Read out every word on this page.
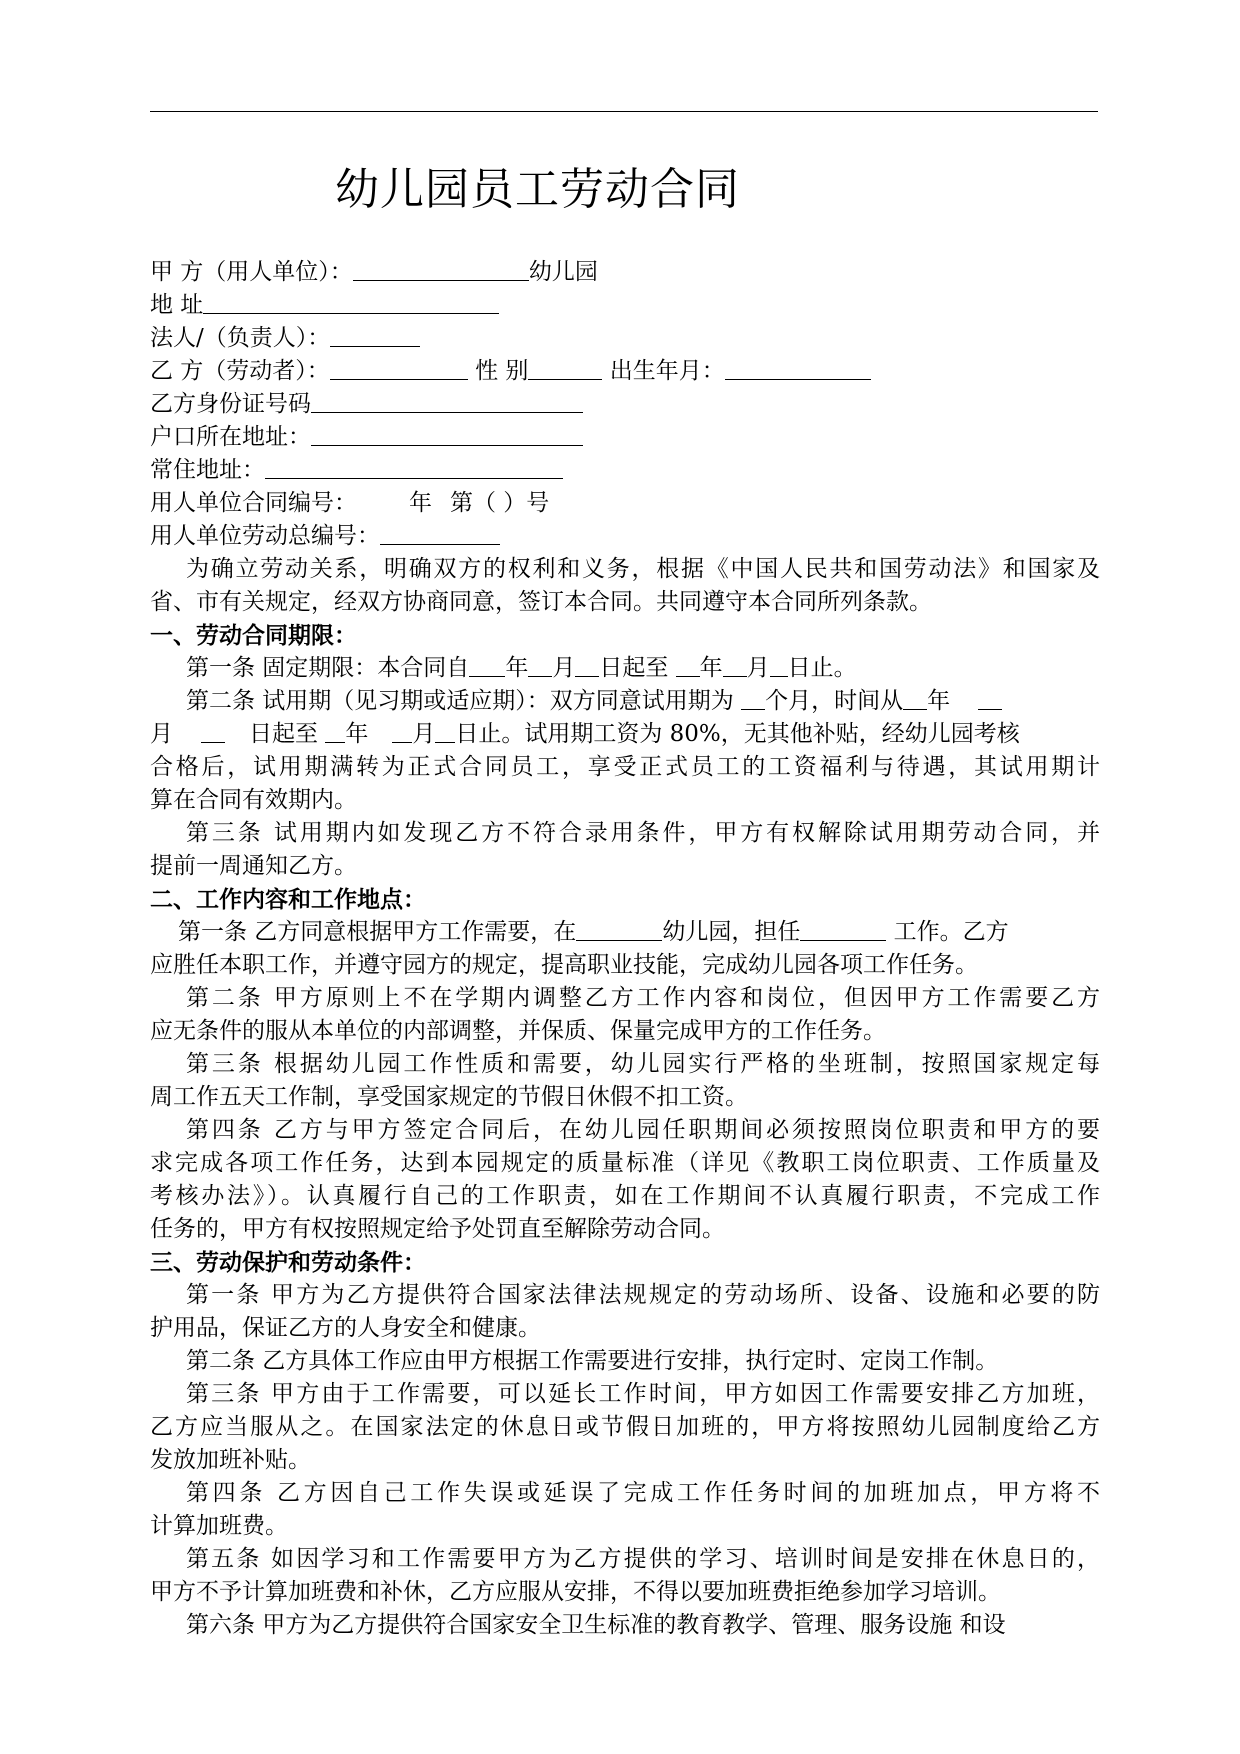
幼儿园员工劳动合同
甲 方（用人单位）：	幼儿园
地 址
法人/（负责人）：
乙 方（劳动者）：	性 别	出生年月：
乙方身份证号码
户口所在地址：
常住地址：
用人单位合同编号： 年 第（ ）号
用人单位劳动总编号：
为确立劳动关系，明确双方的权利和义务，根据《中国人民共和国劳动法》和国家及
省、市有关规定，经双方协商同意，签订本合同。共同遵守本合同所列条款。
一、劳动合同期限：
第一条 固定期限：本合同自 年 月 日起至 年 月 日止。
第二条 试用期（见习期或适应期）：双方同意试用期为 个月，时间从 年
月	日起至 年 月 日止。试用期工资为 80%，无其他补贴，经幼儿园考核
合格后，试用期满转为正式合同员工，享受正式员工的工资福利与待遇，其试用期计
算在合同有效期内。
第三条 试用期内如发现乙方不符合录用条件，甲方有权解除试用期劳动合同，并
提前一周通知乙方。
二、工作内容和工作地点：
第一条 乙方同意根据甲方工作需要，在	幼儿园，担任	工作。乙方
应胜任本职工作，并遵守园方的规定，提高职业技能，完成幼儿园各项工作任务。
第二条 甲方原则上不在学期内调整乙方工作内容和岗位，但因甲方工作需要乙方
应无条件的服从本单位的内部调整，并保质、保量完成甲方的工作任务。
第三条 根据幼儿园工作性质和需要，幼儿园实行严格的坐班制，按照国家规定每
周工作五天工作制，享受国家规定的节假日休假不扣工资。
第四条 乙方与甲方签定合同后，在幼儿园任职期间必须按照岗位职责和甲方的要
求完成各项工作任务，达到本园规定的质量标准（详见《教职工岗位职责、工作质量及
考核办法》）。认真履行自己的工作职责，如在工作期间不认真履行职责，不完成工作
任务的，甲方有权按照规定给予处罚直至解除劳动合同。
三、劳动保护和劳动条件：
第一条 甲方为乙方提供符合国家法律法规规定的劳动场所、设备、设施和必要的防
护用品，保证乙方的人身安全和健康。
第二条 乙方具体工作应由甲方根据工作需要进行安排，执行定时、定岗工作制。
第三条 甲方由于工作需要，可以延长工作时间，甲方如因工作需要安排乙方加班，
乙方应当服从之。在国家法定的休息日或节假日加班的，甲方将按照幼儿园制度给乙方
发放加班补贴。
第四条 乙方因自己工作失误或延误了完成工作任务时间的加班加点，甲方将不
计算加班费。
第五条 如因学习和工作需要甲方为乙方提供的学习、培训时间是安排在休息日的，
甲方不予计算加班费和补休，乙方应服从安排，不得以要加班费拒绝参加学习培训。
第六条 甲方为乙方提供符合国家安全卫生标准的教育教学、管理、服务设施 和设
